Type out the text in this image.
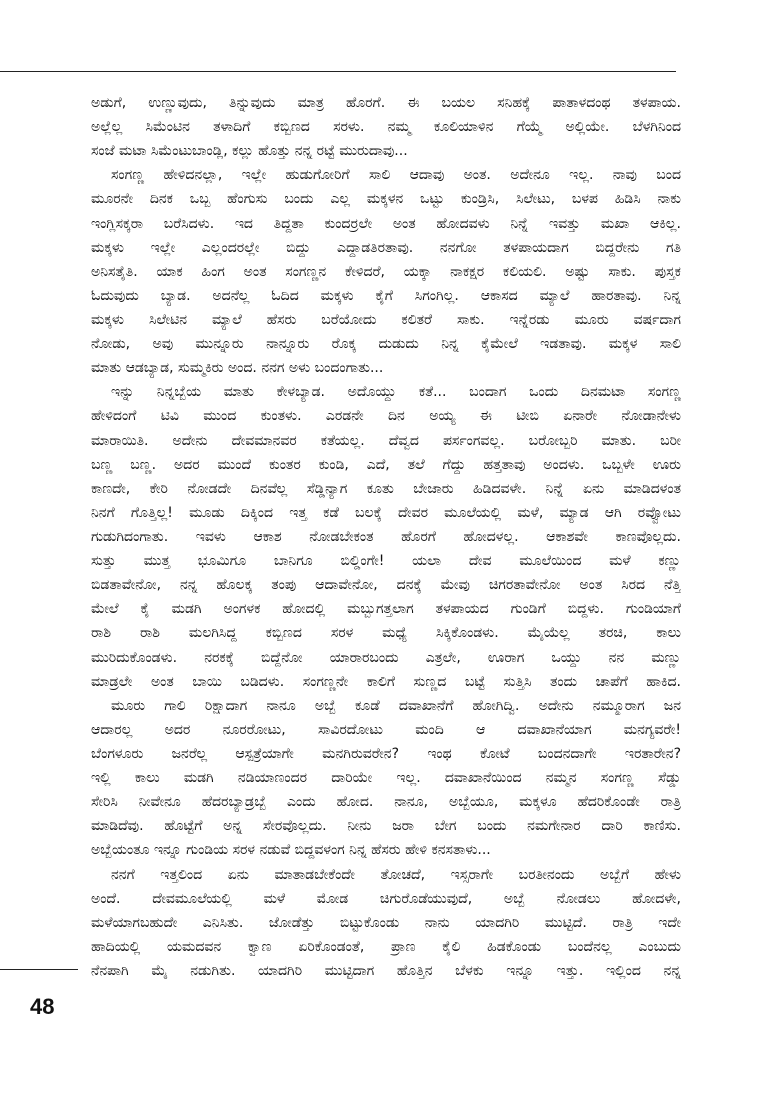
ಅಡುಗೆ, ಉಣ್ಣುವುದು, ತಿನ್ನುವುದು ಮಾತ್ರ ಹೊರಗೆ. ಈ ಬಯಲ ಸನಿಹಕ್ಕೆ ಪಾತಾಳದಂಥ ತಳಪಾಯ.
ಅಲ್ಲೆಲ್ಲ ಸಿಮೆಂಟಿನ ತಳಾದಿಗೆ ಕಬ್ಬಿಣದ ಸರಳು. ನಮ್ಮ ಕೂಲಿಯಾಳಿನ ಗೆಯ್ಮೆ ಅಲ್ಲಿಯೇ. ಬೆಳಗಿನಿಂದ
ಸಂಜೆ ಮಟಾ ಸಿಮೆಂಟುಬಾಂಡ್ಲಿ, ಕಲ್ಲು ಹೊತ್ತು ನನ್ನ ರಟ್ಟೆ ಮುರುದಾವು...
ಸಂಗಣ್ಣ ಹೇಳಿದನಲ್ಲಾ, ಇಲ್ಲೇ ಹುಡುಗೋರಿಗೆ ಸಾಲಿ ಆದಾವು ಅಂತ. ಅದೇನೂ ಇಲ್ಲ. ನಾವು ಬಂದ
ಮೂರನೇ ದಿನಕ ಒಬ್ಬ ಹೆಂಗುಸು ಬಂದು ಎಲ್ಲ ಮಕ್ಕಳನ ಒಟ್ಟು ಕುಂಡ್ರಿಸಿ, ಸಿಲೇಟು, ಬಳಪ ಹಿಡಿಸಿ ನಾಕು
ಇಂಗ್ಲಿಸಕ್ಕರಾ ಬರೆಸಿದಳು. ಇದ ತಿದ್ದತಾ ಕುಂದರ್ರಲೇ ಅಂತ ಹೋದವಳು ನಿನ್ನೆ ಇವತ್ತು ಮಖಾ ಆಕಿಲ್ಲ.
ಮಕ್ಕಳು ಇಲ್ಲೇ ಎಲ್ಲಂದರಲ್ಲೇ ಬಿದ್ದು ಎದ್ದಾಡತಿರತಾವು. ನನಗೋ ತಳಪಾಯದಾಗ ಬಿದ್ದರೇನು ಗತಿ
ಅನಿಸತೈತಿ. ಯಾಕ ಹಿಂಗ ಅಂತ ಸಂಗಣ್ಣನ ಕೇಳಿದರೆ, ಯಕ್ಕಾ ನಾಕಕ್ಷರ ಕಲಿಯಲಿ. ಅಷ್ಟು ಸಾಕು. ಪುಸ್ತಕ
ಓದುವುದು ಬ್ಯಾಡ. ಅದನೆಲ್ಲ ಓದಿದ ಮಕ್ಕಳು ಕೈಗೆ ಸಿಗಂಗಿಲ್ಲ. ಆಕಾಸದ ಮ್ಯಾಲೆ ಹಾರತಾವು. ನಿನ್ನ
ಮಕ್ಕಳು ಸಿಲೇಟಿನ ಮ್ಯಾಲೆ ಹೆಸರು ಬರೆಯೋದು ಕಲಿತರೆ ಸಾಕು. ಇನ್ನೆರಡು ಮೂರು ವರ್ಷದಾಗ
ನೋಡು, ಅವು ಮುನ್ನೂರು ನಾನ್ನೂರು ರೊಕ್ಕ ದುಡುದು ನಿನ್ನ ಕೈಮೇಲೆ ಇಡತಾವು. ಮಕ್ಕಳ ಸಾಲಿ
ಮಾತು ಆಡಬ್ಯಾಡ, ಸುಮ್ಮಕಿರು ಅಂದ. ನನಗ ಅಳು ಬಂದಂಗಾತು...
ಇನ್ನು ನಿನ್ನಬ್ಬೆಯ ಮಾತು ಕೇಳಬ್ಯಾಡ. ಅದೊಯ್ದು ಕತೆ... ಬಂದಾಗ ಒಂದು ದಿನಮಟಾ ಸಂಗಣ್ಣ
ಹೇಳಿದಂಗೆ ಟಿವಿ ಮುಂದ ಕುಂತಳು. ಎರಡನೇ ದಿನ ಅಯ್ಯ ಈ ಟೀಬಿ ಏನಾರೇ ನೋಡಾನೇಳು
ಮಾರಾಯಿತಿ. ಅದೇನು ದೇವಮಾನವರ ಕತೆಯಲ್ಲ. ದೆವ್ವದ ಪರ್ಸಂಗವಲ್ಲ. ಬರೋಬ್ಬರಿ ಮಾತು. ಬರೀ
ಬಣ್ಣ ಬಣ್ಣ. ಅದರ ಮುಂದೆ ಕುಂತರ ಕುಂಡಿ, ಎದೆ, ತಲೆ ಗೆದ್ದು ಹತ್ತತಾವು ಅಂದಳು. ಒಬ್ಬಳೇ ಊರು
ಕಾಣದೇ, ಕೇರಿ ನೋಡದೇ ದಿನವೆಲ್ಲ ಸೆಡ್ಡಿನ್ಯಾಗ ಕೂತು ಬೇಜಾರು ಹಿಡಿದವಳೇ. ನಿನ್ನೆ ಏನು ಮಾಡಿದಳಂತ
ನಿನಗೆ ಗೊತ್ತಿಲ್ಲ! ಮೂಡು ದಿಕ್ಕಿಂದ ಇತ್ತ ಕಡೆ ಬಲಕ್ಕೆ ದೇವರ ಮೂಲೆಯಲ್ಲಿ ಮಳೆ, ಮ್ಯಾಡ ಆಗಿ ರವ್ವೋಟು
ಗುಡುಗಿದಂಗಾತು. ಇವಳು ಆಕಾಶ ನೋಡಬೇಕಂತ ಹೊರಗೆ ಹೋದಳಲ್ಲ. ಆಕಾಶವೇ ಕಾಣವೊಲ್ಲದು.
ಸುತ್ತು ಮುತ್ತ ಭೂಮಿಗೂ ಬಾನಿಗೂ ಬಿಲ್ಡಿಂಗೇ! ಯಲಾ ದೇವ ಮೂಲೆಯಿಂದ ಮಳೆ ಕಣ್ಣು
ಬಿಡತಾವೇನೋ, ನನ್ನ ಹೊಲಕ್ಕ ತಂಪು ಆದಾವೇನೋ, ದನಕ್ಕೆ ಮೇವು ಚಿಗರತಾವೇನೋ ಅಂತ ಸಿರದ ನೆತ್ತಿ
ಮೇಲೆ ಕೈ ಮಡಗಿ ಅಂಗಳಕ ಹೋದಲ್ಲಿ ಮಬ್ಬುಗತ್ತಲಾಗ ತಳಪಾಯದ ಗುಂಡಿಗೆ ಬಿದ್ದಳು. ಗುಂಡಿಯಾಗೆ
ರಾಶಿ ರಾಶಿ ಮಲಗಿಸಿದ್ದ ಕಬ್ಬಿಣದ ಸರಳ ಮಧ್ಯೆ ಸಿಕ್ಕಿಕೊಂಡಳು. ಮೈಯೆಲ್ಲ ತರಚಿ, ಕಾಲು
ಮುರಿದುಕೊಂಡಳು. ನರಕಕ್ಕೆ ಬಿದ್ದೆನೋ ಯಾರಾರಬಂದು ಎತ್ರಲೇ, ಊರಾಗ ಒಯ್ದು ನನ ಮಣ್ಣು
ಮಾಡ್ರಲೇ ಅಂತ ಬಾಯಿ ಬಡಿದಳು. ಸಂಗಣ್ಣನೇ ಕಾಲಿಗೆ ಸುಣ್ಣದ ಬಟ್ಟೆ ಸುತ್ತಿಸಿ ತಂದು ಚಾಪೆಗೆ ಹಾಕಿದ.
ಮೂರು ಗಾಲಿ ರಿಕ್ಷಾದಾಗ ನಾನೂ ಅಬ್ಬೆ ಕೂಡೆ ದವಾಖಾನೆಗೆ ಹೋಗಿದ್ವಿ. ಅದೇನು ನಮ್ಮೂರಾಗ ಜನ
ಆದಾರಲ್ಲ ಅದರ ನೂರರೋಟು, ಸಾವಿರದೋಟು ಮಂದಿ ಆ ದವಾಖಾನೆಯಾಗ ಮನಗ್ಯವರೇ!
ಬೆಂಗಳೂರು ಜನರೆಲ್ಲ ಆಸ್ಪತ್ರೆಯಾಗೇ ಮನಗಿರುವರೇನ? ಇಂಥ ಕೋಟೆ ಬಂದನದಾಗೇ ಇರತಾರೇನ?
ಇಲ್ಲಿ ಕಾಲು ಮಡಗಿ ನಡಿಯಾಣಂದರ ದಾರಿಯೇ ಇಲ್ಲ. ದವಾಖಾನೆಯಿಂದ ನಮ್ಮನ ಸಂಗಣ್ಣ ಸೆಡ್ಡು
ಸೇರಿಸಿ ನೀವೇನೂ ಹೆದರಬ್ಯಾಡ್ರಬ್ಬೆ ಎಂದು ಹೋದ. ನಾನೂ, ಅಬ್ಬೆಯೂ, ಮಕ್ಕಳೂ ಹೆದರಿಕೊಂಡೇ ರಾತ್ರಿ
ಮಾಡಿದೆವು. ಹೊಟ್ಟೆಗೆ ಅನ್ನ ಸೇರವೊಲ್ಲದು. ನೀನು ಜರಾ ಬೇಗ ಬಂದು ನಮಗೇನಾರ ದಾರಿ ಕಾಣಿಸು.
ಅಬ್ಬೆಯಂತೂ ಇನ್ನೂ ಗುಂಡಿಯ ಸರಳ ನಡುವೆ ಬಿದ್ದವಳಂಗ ನಿನ್ನ ಹೆಸರು ಹೇಳಿ ಕನಸತಾಳು...
ನನಗೆ ಇತ್ತಲಿಂದ ಏನು ಮಾತಾಡಬೇಕೆಂದೇ ತೋಚದೆ, ಇಸ್ಸರಾಗೇ ಬರತೀನಂದು ಅಬ್ಬೆಗೆ ಹೇಳು
ಅಂದೆ. ದೇವಮೂಲೆಯಲ್ಲಿ ಮಳೆ ಮೋಡ ಚಿಗುರೊಡೆಯುವುದೆ, ಅಬ್ಬೆ ನೋಡಲು ಹೋದಳೇ,
ಮಳೆಯಾಗಬಹುದೇ ಎನಿಸಿತು. ಜೋಡೆತ್ತು ಬಿಟ್ಟುಕೊಂಡು ನಾನು ಯಾದಗಿರಿ ಮುಟ್ಟಿದೆ. ರಾತ್ರಿ ಇದೇ
ಹಾದಿಯಲ್ಲಿ ಯಮದವನ ಕ್ವಾಣ ಏರಿಕೊಂಡಂತೆ, ಪ್ರಾಣ ಕೈಲಿ ಹಿಡಕೊಂಡು ಬಂದೆನಲ್ಲ ಎಂಬುದು
ನೆನಪಾಗಿ ಮೈ ನಡುಗಿತು. ಯಾದಗಿರಿ ಮುಟ್ಟಿದಾಗ ಹೊತ್ತಿನ ಬೆಳಕು ಇನ್ನೂ ಇತ್ತು. ಇಲ್ಲಿಂದ ನನ್ನ
48
